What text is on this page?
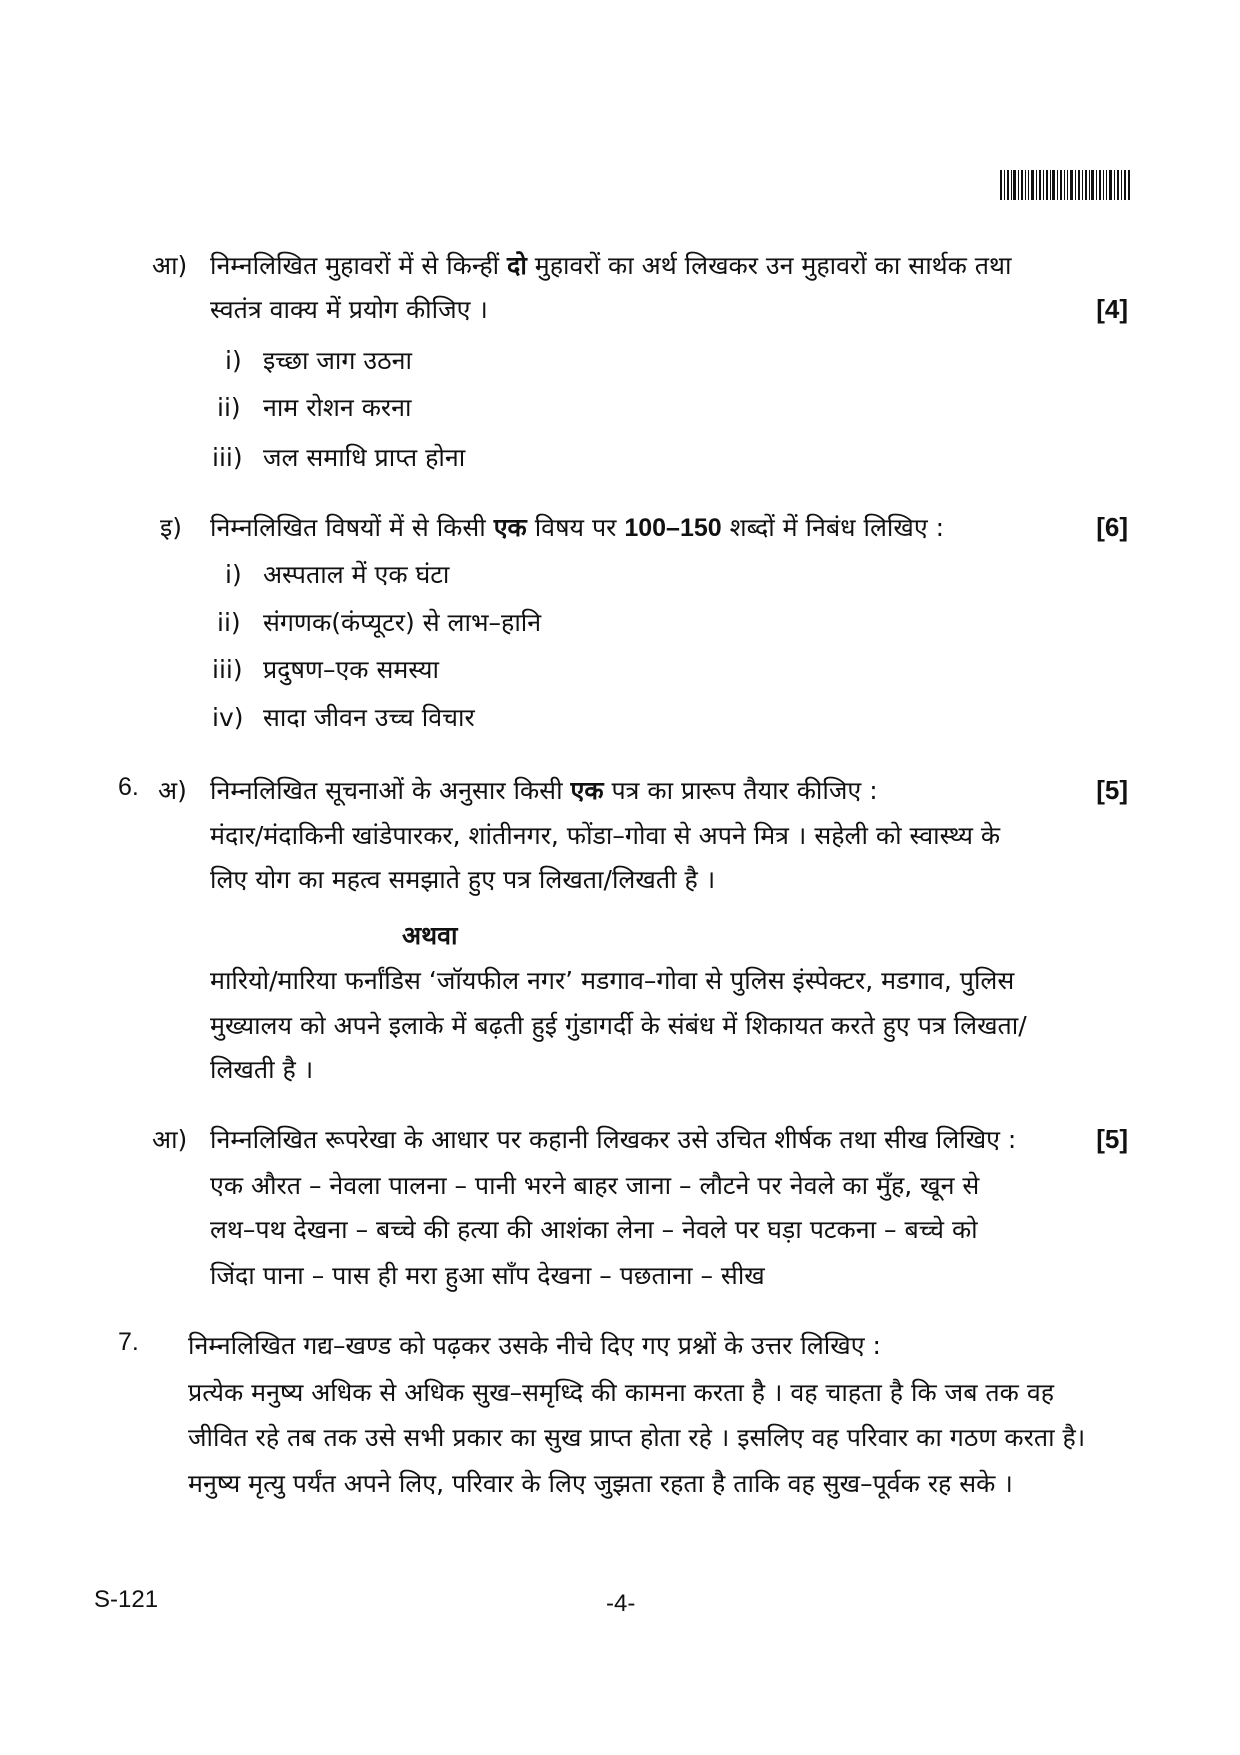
आ) निम्नलिखित मुहावरों में से किन्हीं दो मुहावरों का अर्थ लिखकर उन मुहावरों का सार्थक तथा
स्वतंत्र वाक्य में प्रयोग कीजिए ।	[4]
i) इच्छा जाग उठना
ii) नाम रोशन करना
iii) जल समाधि प्राप्त होना
इ) निम्नलिखित विषयों में से किसी एक विषय पर 100–150 शब्दों में निबंध लिखिए :	[6]
i) अस्पताल में एक घंटा
ii) संगणक(कंप्यूटर) से लाभ–हानि
iii) प्रदुषण–एक समस्या
iv) सादा जीवन उच्च विचार
6. अ) निम्नलिखित सूचनाओं के अनुसार किसी एक पत्र का प्रारूप तैयार कीजिए :	[5]
मंदार/मंदाकिनी खांडेपारकर, शांतीनगर, फोंडा–गोवा से अपने मित्र । सहेली को स्वास्थ्य के
लिए योग का महत्व समझाते हुए पत्र लिखता/लिखती है ।
अथवा
मारियो/मारिया फर्नांडिस ‘जॉयफील नगर’ मडगाव–गोवा से पुलिस इंस्पेक्टर, मडगाव, पुलिस
मुख्यालय को अपने इलाके में बढ़ती हुई गुंडागर्दी के संबंध में शिकायत करते हुए पत्र लिखता/
लिखती है ।
आ) निम्नलिखित रूपरेखा के आधार पर कहानी लिखकर उसे उचित शीर्षक तथा सीख लिखिए :	[5]
एक औरत – नेवला पालना – पानी भरने बाहर जाना – लौटने पर नेवले का मुँह, खून से
लथ–पथ देखना – बच्चे की हत्या की आशंका लेना – नेवले पर घड़ा पटकना – बच्चे को
जिंदा पाना – पास ही मरा हुआ साँप देखना – पछताना – सीख
7. निम्नलिखित गद्य–खण्ड को पढ़कर उसके नीचे दिए गए प्रश्नों के उत्तर लिखिए :
प्रत्येक मनुष्य अधिक से अधिक सुख–समृध्दि की कामना करता है । वह चाहता है कि जब तक वह
जीवित रहे तब तक उसे सभी प्रकार का सुख प्राप्त होता रहे । इसलिए वह परिवार का गठण करता है।
मनुष्य मृत्यु पर्यंत अपने लिए, परिवार के लिए जुझता रहता है ताकि वह सुख–पूर्वक रह सके ।
S-121	-4-
